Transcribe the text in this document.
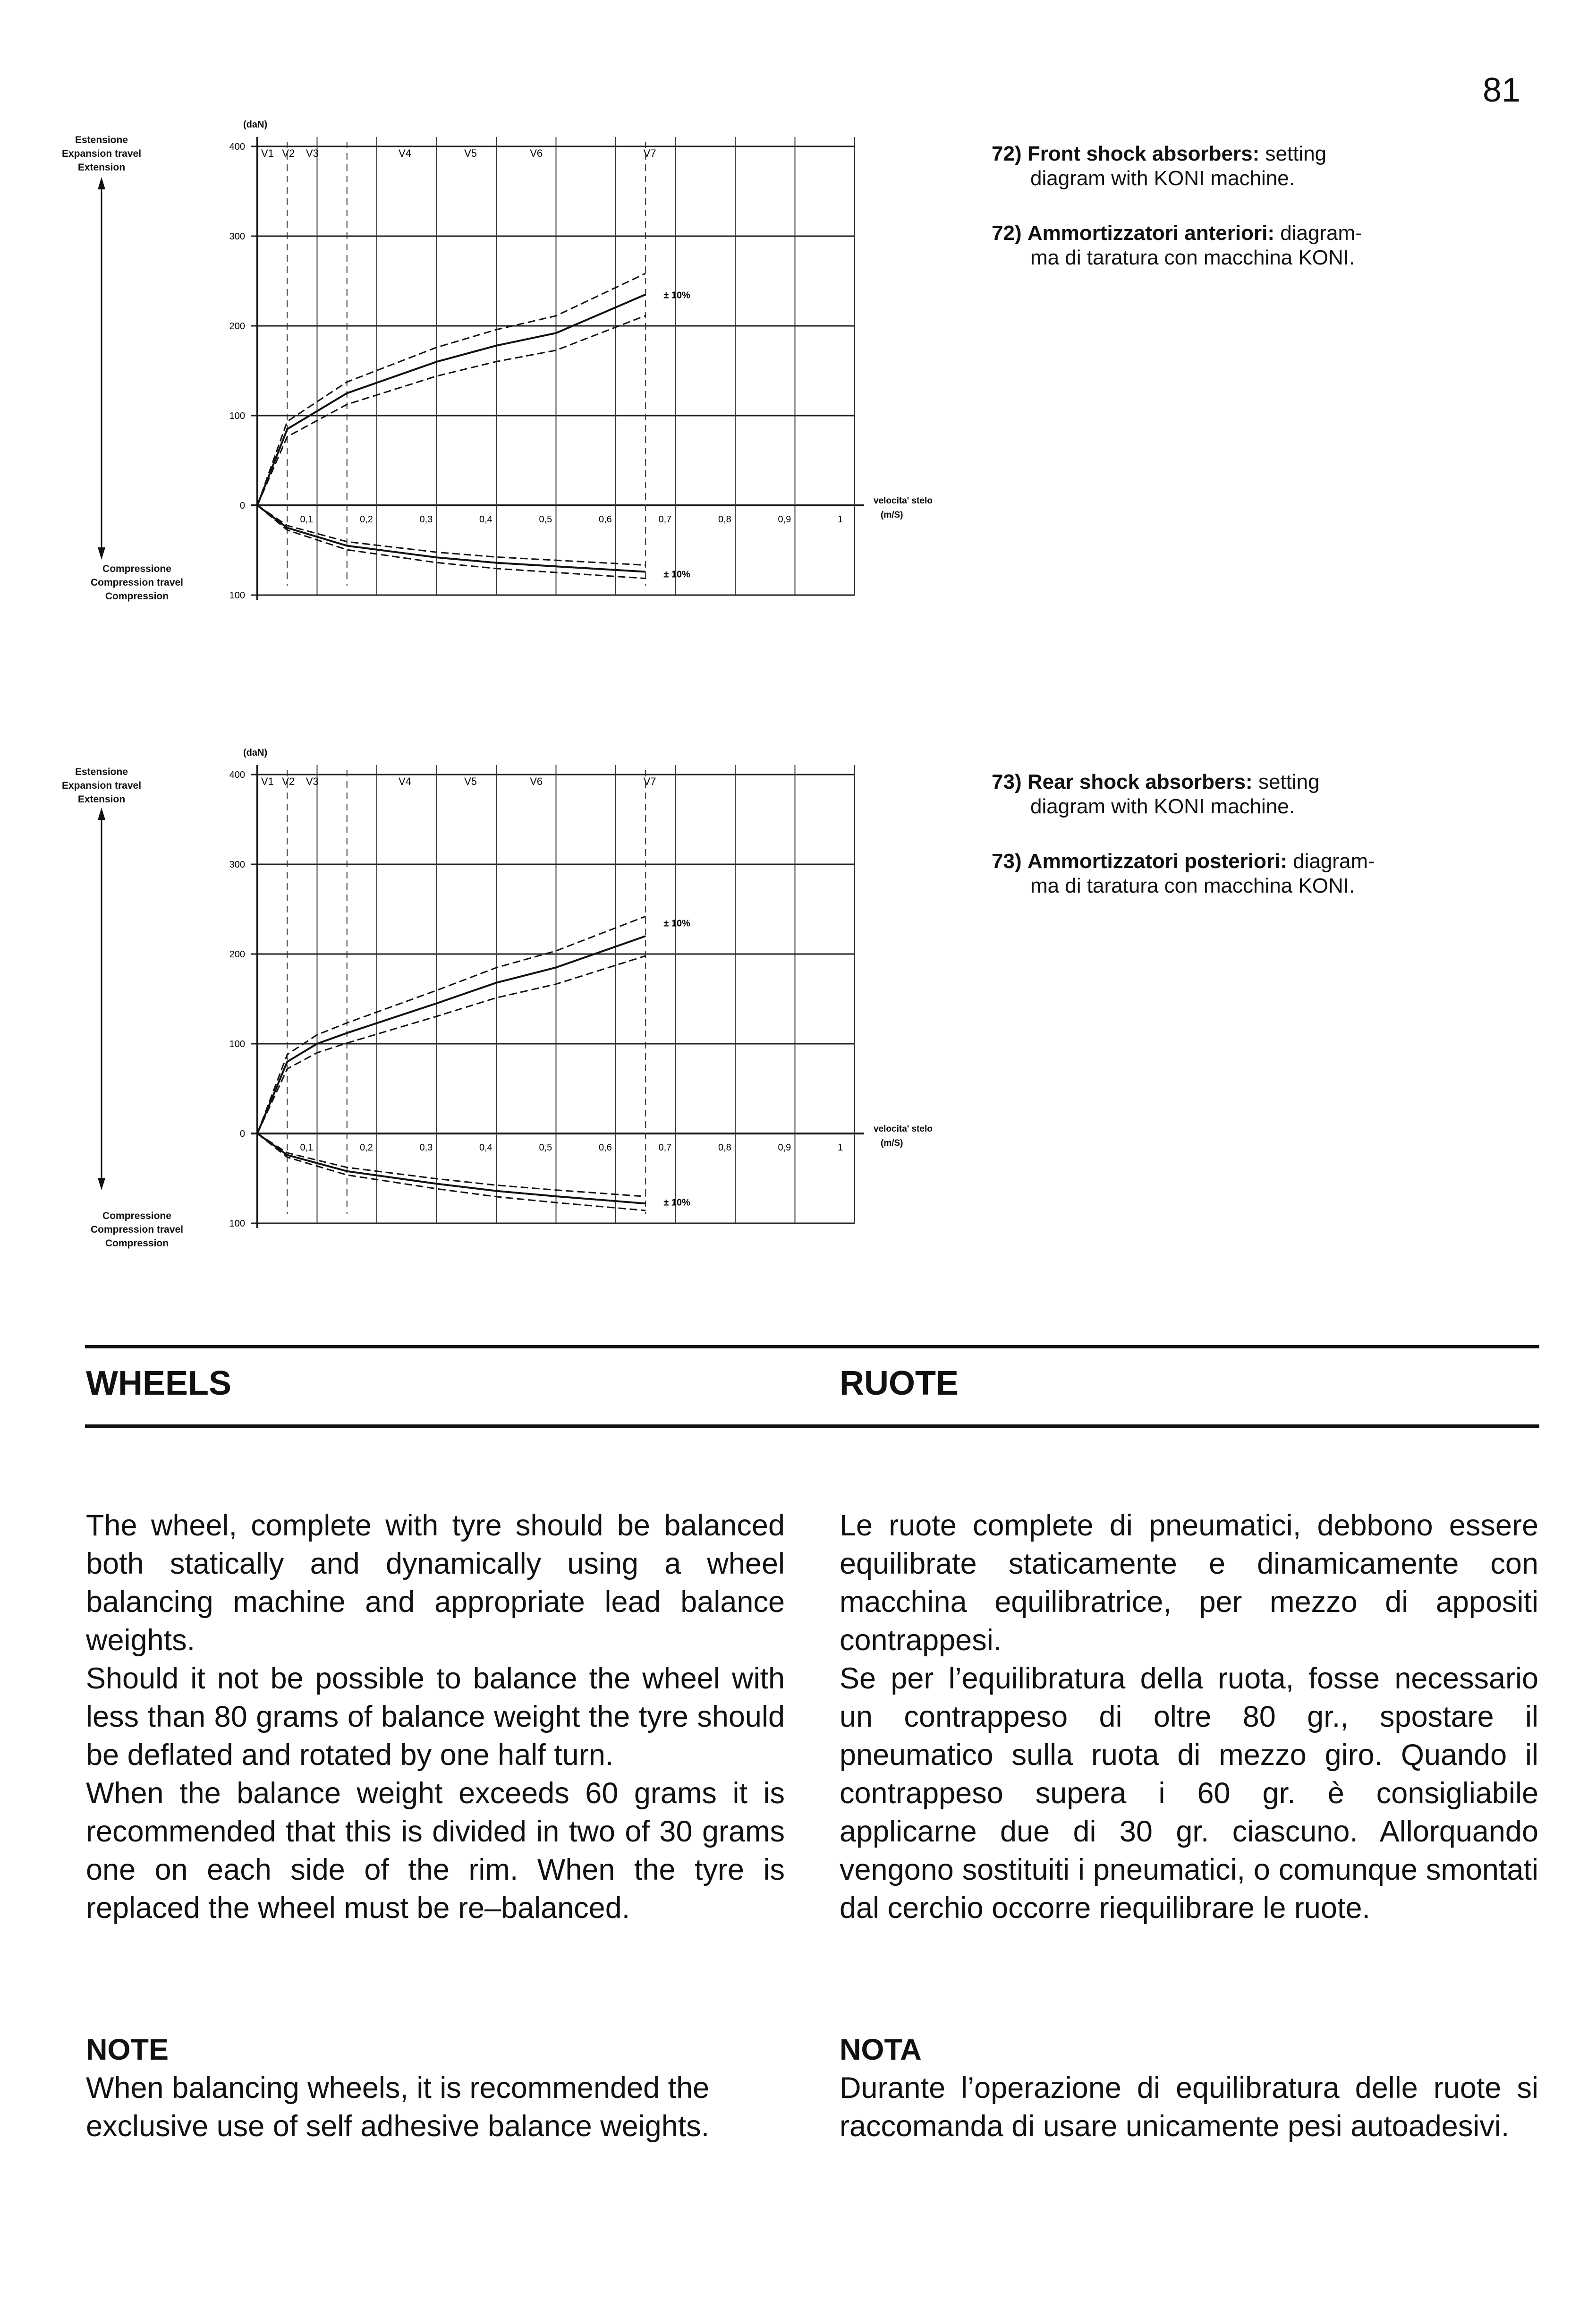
81
Estensione
Expansion travel
Extension
Compressione
Compression travel
Compression
400
300
200
100
0
100
(daN)
0,1	0,2	0,3	0,4	0,5	0,6	0,7	0,8	0,9	1
V1 V2 V3	V4	V5	V6	V7
± 10%
± 10%
velocita' stelo
(m/S)
72) Front shock absorbers: setting
diagram with KONI machine.
72) Ammortizzatori anteriori: diagram-
ma di taratura con macchina KONI.
Estensione
Expansion travel
Extension
Compressione
Compression travel
Compression
400
300
200
100
0
100
(daN)
0,1	0,2	0,3	0,4	0,5	0,6	0,7	0,8	0,9	1
V1 V2 V3	V4	V5	V6	V7
± 10%
± 10%
velocita' stelo
(m/S)
73) Rear shock absorbers: setting
diagram with KONI machine.
73) Ammortizzatori posteriori: diagram-
ma di taratura con macchina KONI.
WHEELS	RUOTE

The wheel, complete with tyre should be balanced both statically and dynamically using a wheel balancing machine and appropriate lead balance weights.

Should it not be possible to balance the wheel with less than 80 grams of balance weight the tyre should be deflated and rotated by one half turn.

When the balance weight exceeds 60 grams it is recommended that this is divided in two of 30 grams one on each side of the rim. When the tyre is replaced the wheel must be re–balanced.

Le ruote complete di pneumatici, debbono essere equilibrate staticamente e dinamicamente con macchina equilibratrice, per mezzo di appositi contrappesi.

Se per l’equilibratura della ruota, fosse necessario un contrappeso di oltre 80 gr., spostare il pneumatico sulla ruota di mezzo giro. Quando il contrappeso supera i 60 gr. è consigliabile applicarne due di 30 gr. ciascuno. Allorquando vengono sostituiti i pneumatici, o comunque smontati dal cerchio occorre riequilibrare le ruote.

NOTE

When balancing wheels, it is recommended the exclusive use of self adhesive balance weights.

NOTA

Durante l’operazione di equilibratura delle ruote si raccomanda di usare unicamente pesi autoadesivi.
